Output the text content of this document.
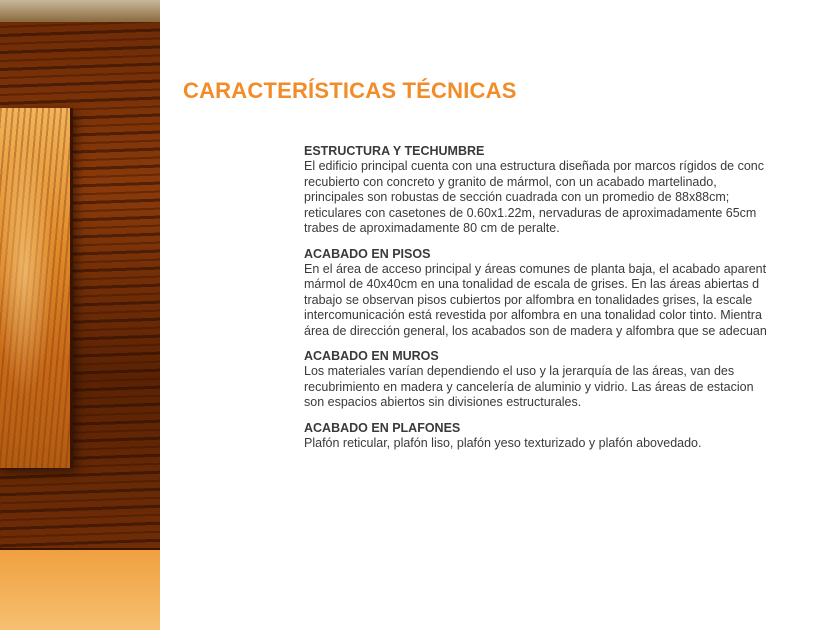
CARACTERÍSTICAS TÉCNICAS
ESTRUCTURA Y TECHUMBRE

El edificio principal cuenta con una estructura diseñada por marcos rígidos de conc
recubierto con concreto y granito de mármol, con un acabado martelinado,
principales son robustas de sección cuadrada con un promedio de 88x88cm;
reticulares con casetones de 0.60x1.22m, nervaduras de aproximadamente 65cm
trabes de aproximadamente 80 cm de peralte.

ACABADO EN PISOS

En el área de acceso principal y áreas comunes de planta baja, el acabado aparent
mármol de 40x40cm en una tonalidad de escala de grises. En las áreas abiertas d
trabajo se observan pisos cubiertos por alfombra en tonalidades grises, la escale
intercomunicación está revestida por alfombra en una tonalidad color tinto. Mientra
área de dirección general, los acabados son de madera y alfombra que se adecuan

ACABADO EN MUROS

Los materiales varían dependiendo el uso y la jerarquía de las áreas, van des
recubrimiento en madera y cancelería de aluminio y vidrio. Las áreas de estacion
son espacios abiertos sin divisiones estructurales.

ACABADO EN PLAFONES

Plafón reticular, plafón liso, plafón yeso texturizado y plafón abovedado.
